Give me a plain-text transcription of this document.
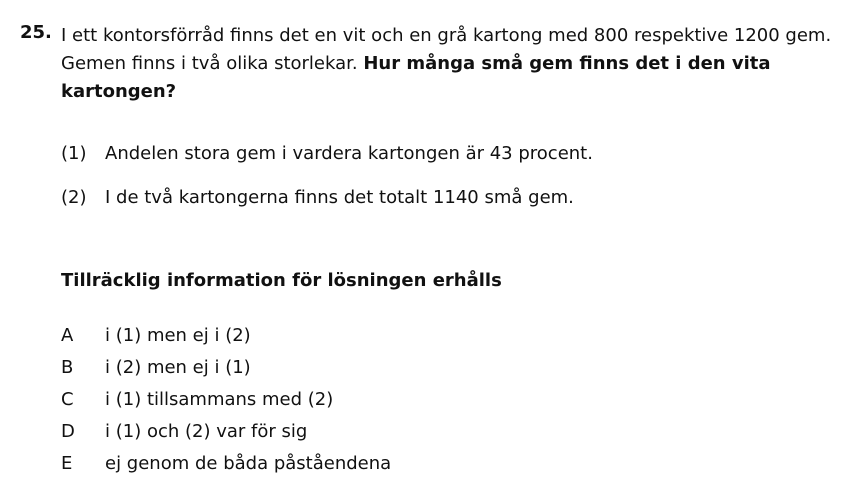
25. I ett kontorsförråd finns det en vit och en grå kartong med 800 respektive 1200 gem. Gemen finns i två olika storlekar. Hur många små gem finns det i den vita kartongen?
(1) Andelen stora gem i vardera kartongen är 43 procent.
(2) I de två kartongerna finns det totalt 1140 små gem.
Tillräcklig information för lösningen erhålls
A i (1) men ej i (2)
B i (2) men ej i (1)
C i (1) tillsammans med (2)
D i (1) och (2) var för sig
E ej genom de båda påståendena
